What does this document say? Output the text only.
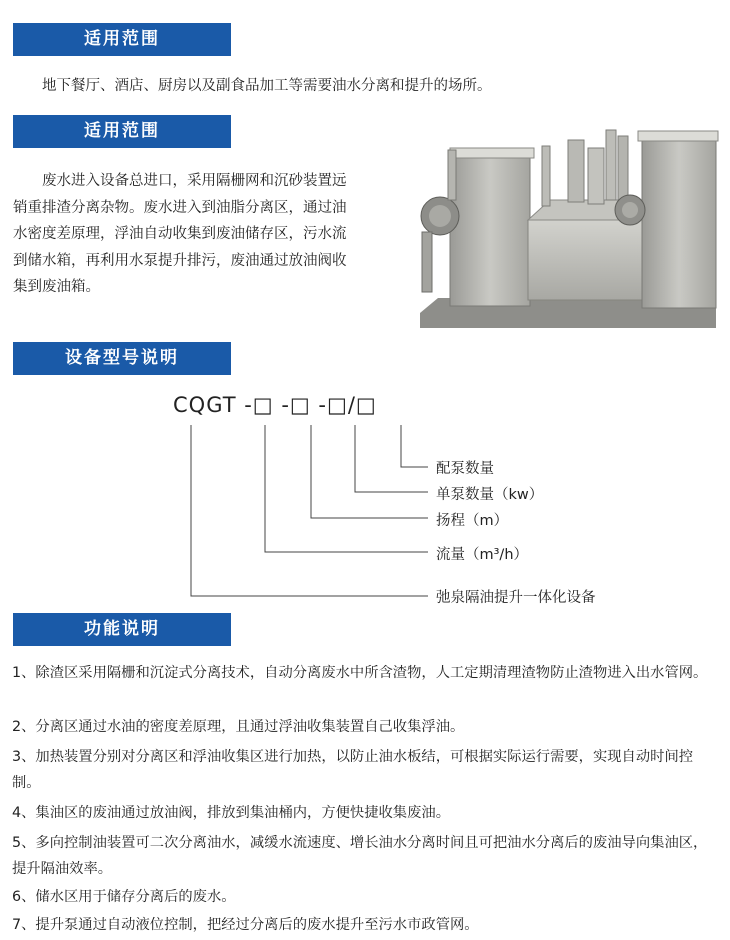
适用范围
地下餐厅、酒店、厨房以及副食品加工等需要油水分离和提升的场所。
适用范围
废水进入设备总进口，采用隔栅网和沉砂装置远销重排渣分离杂物。废水进入到油脂分离区，通过油水密度差原理，浮油自动收集到废油储存区，污水流到储水箱，再利用水泵提升排污，废油通过放油阀收集到废油箱。
设备型号说明
CQGT -□ -□ -□/□
配泵数量
单泵数量（kw）
扬程（m）
流量（m³/h）
弛泉隔油提升一体化设备
功能说明
1、除渣区采用隔栅和沉淀式分离技术，自动分离废水中所含渣物，人工定期清理渣物防止渣物进入出水管网。
2、分离区通过水油的密度差原理，且通过浮油收集装置自己收集浮油。
3、加热装置分别对分离区和浮油收集区进行加热，以防止油水板结，可根据实际运行需要，实现自动时间控制。
4、集油区的废油通过放油阀，排放到集油桶内，方便快捷收集废油。
5、多向控制油装置可二次分离油水，减缓水流速度、增长油水分离时间且可把油水分离后的废油导向集油区，提升隔油效率。
6、储水区用于储存分离后的废水。
7、提升泵通过自动液位控制，把经过分离后的废水提升至污水市政管网。
